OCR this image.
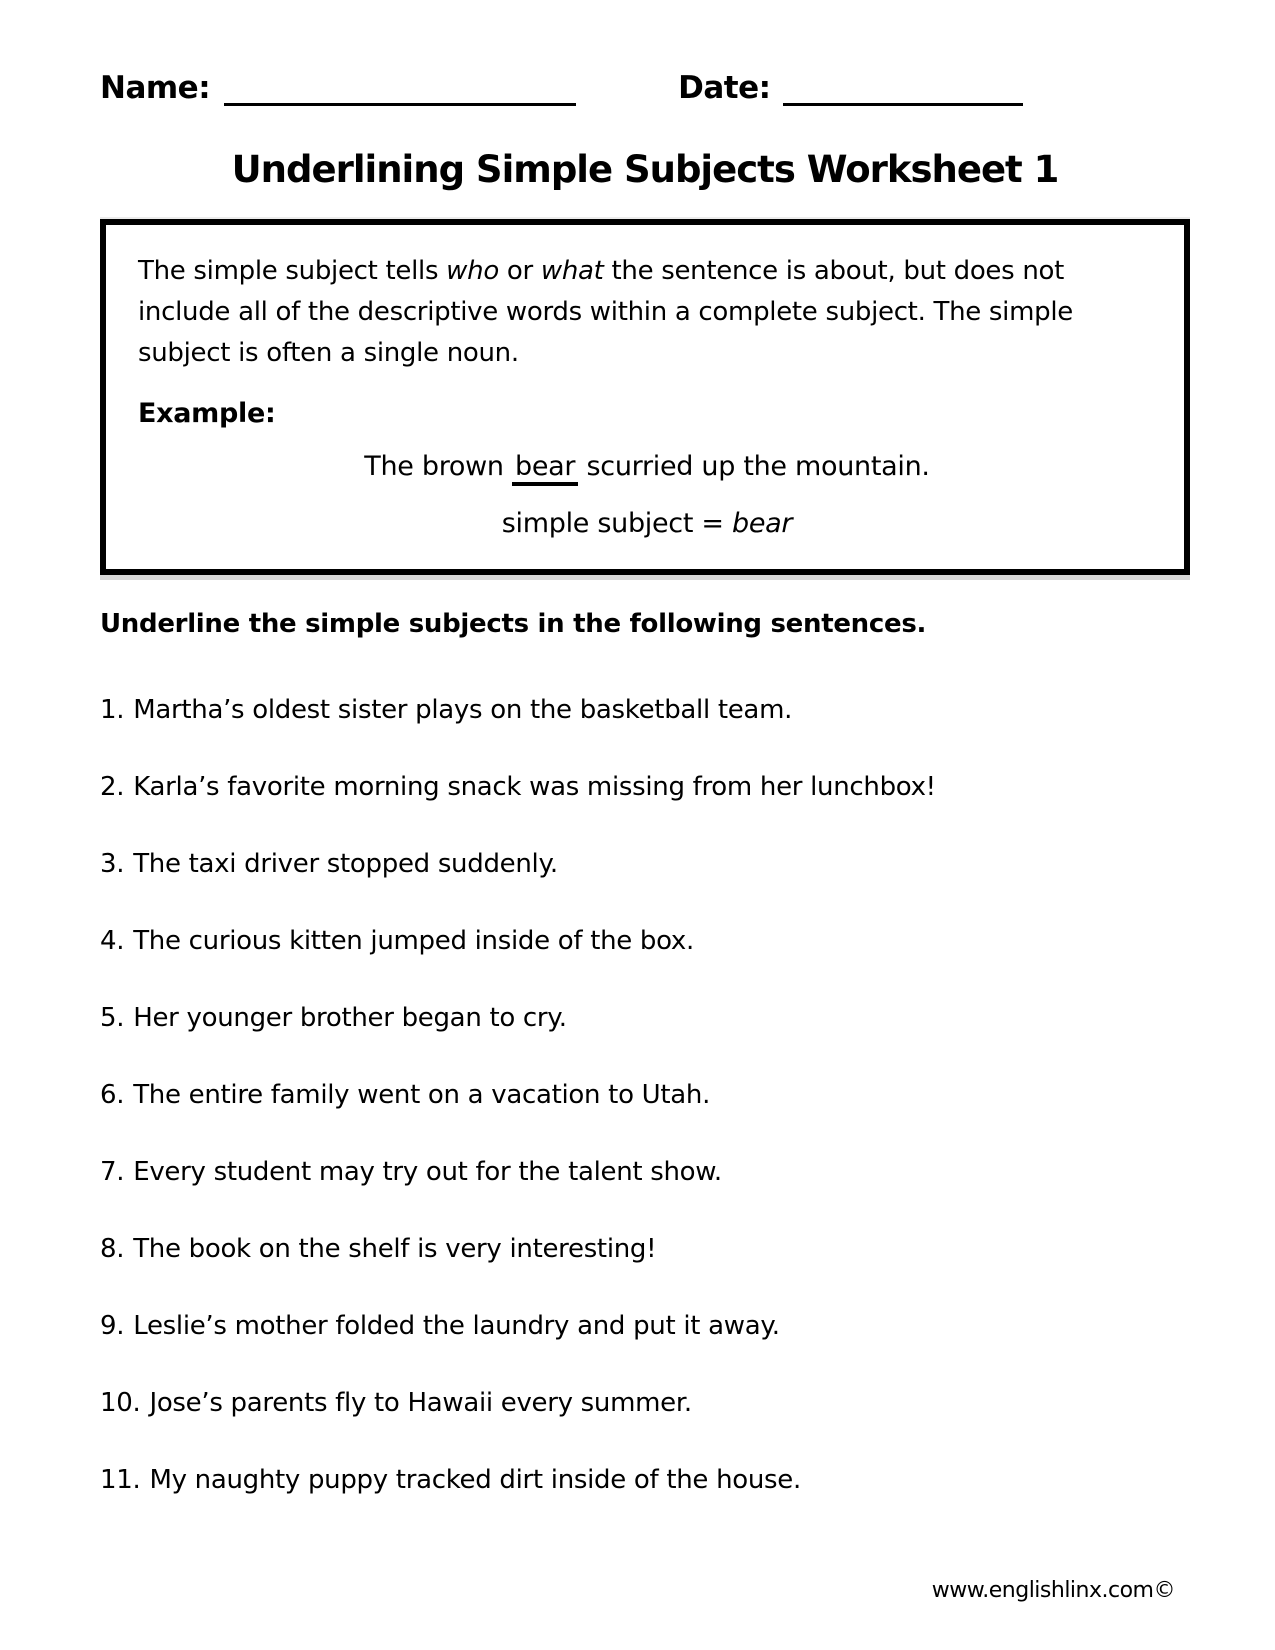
Name:	Date:
Underlining Simple Subjects Worksheet 1

The simple subject tells who or what the sentence is about, but does not include all of the descriptive words within a complete subject. The simple subject is often a single noun.

Example:
The brown bear scurried up the mountain.
simple subject = bear
Underline the simple subjects in the following sentences.
1. Martha’s oldest sister plays on the basketball team.
2. Karla’s favorite morning snack was missing from her lunchbox!
3. The taxi driver stopped suddenly.
4. The curious kitten jumped inside of the box.
5. Her younger brother began to cry.
6. The entire family went on a vacation to Utah.
7. Every student may try out for the talent show.
8. The book on the shelf is very interesting!
9. Leslie’s mother folded the laundry and put it away.
10. Jose’s parents fly to Hawaii every summer.
11. My naughty puppy tracked dirt inside of the house.
www.englishlinx.com©
